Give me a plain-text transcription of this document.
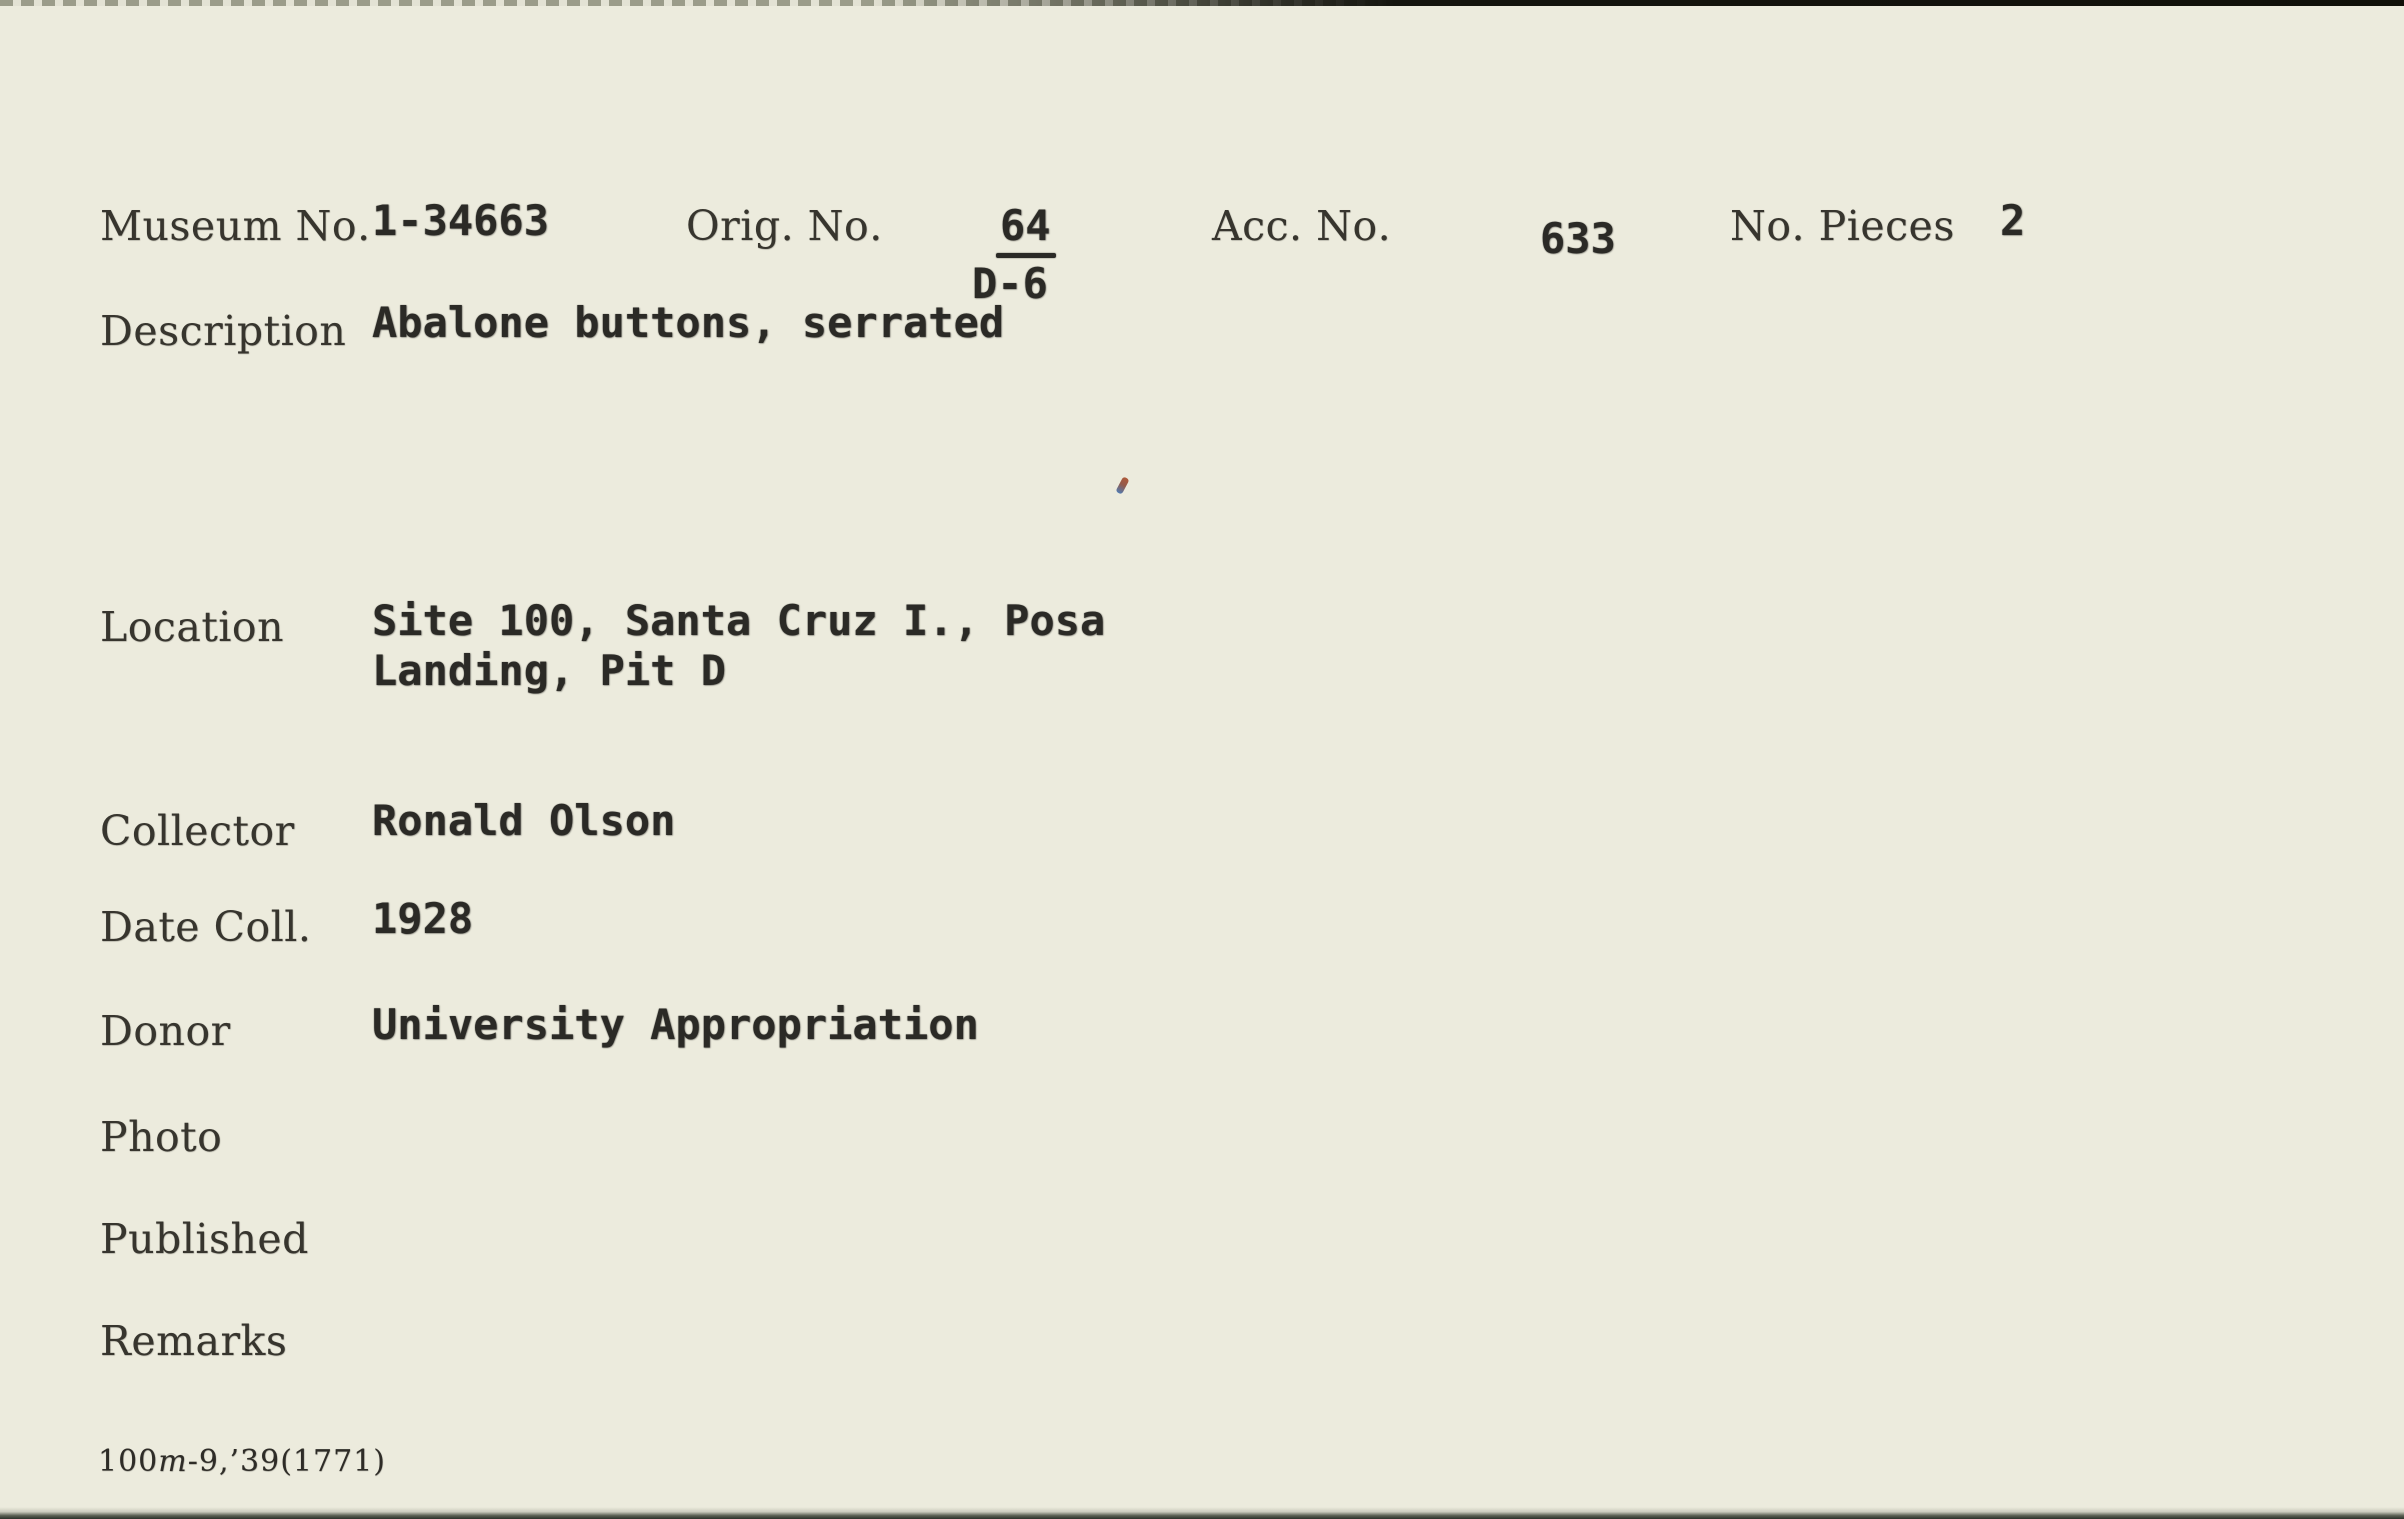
Museum No. 1-34663	Orig. No.	64
D-6
Acc. No.	633	No. Pieces 2
Description Abalone buttons, serrated
Location Site 100, Santa Cruz I., Posa
Landing, Pit D
Collector Ronald Olson
Date Coll. 1928
Donor	University Appropriation
Photo
Published
Remarks
100m-9,’39(1771)
